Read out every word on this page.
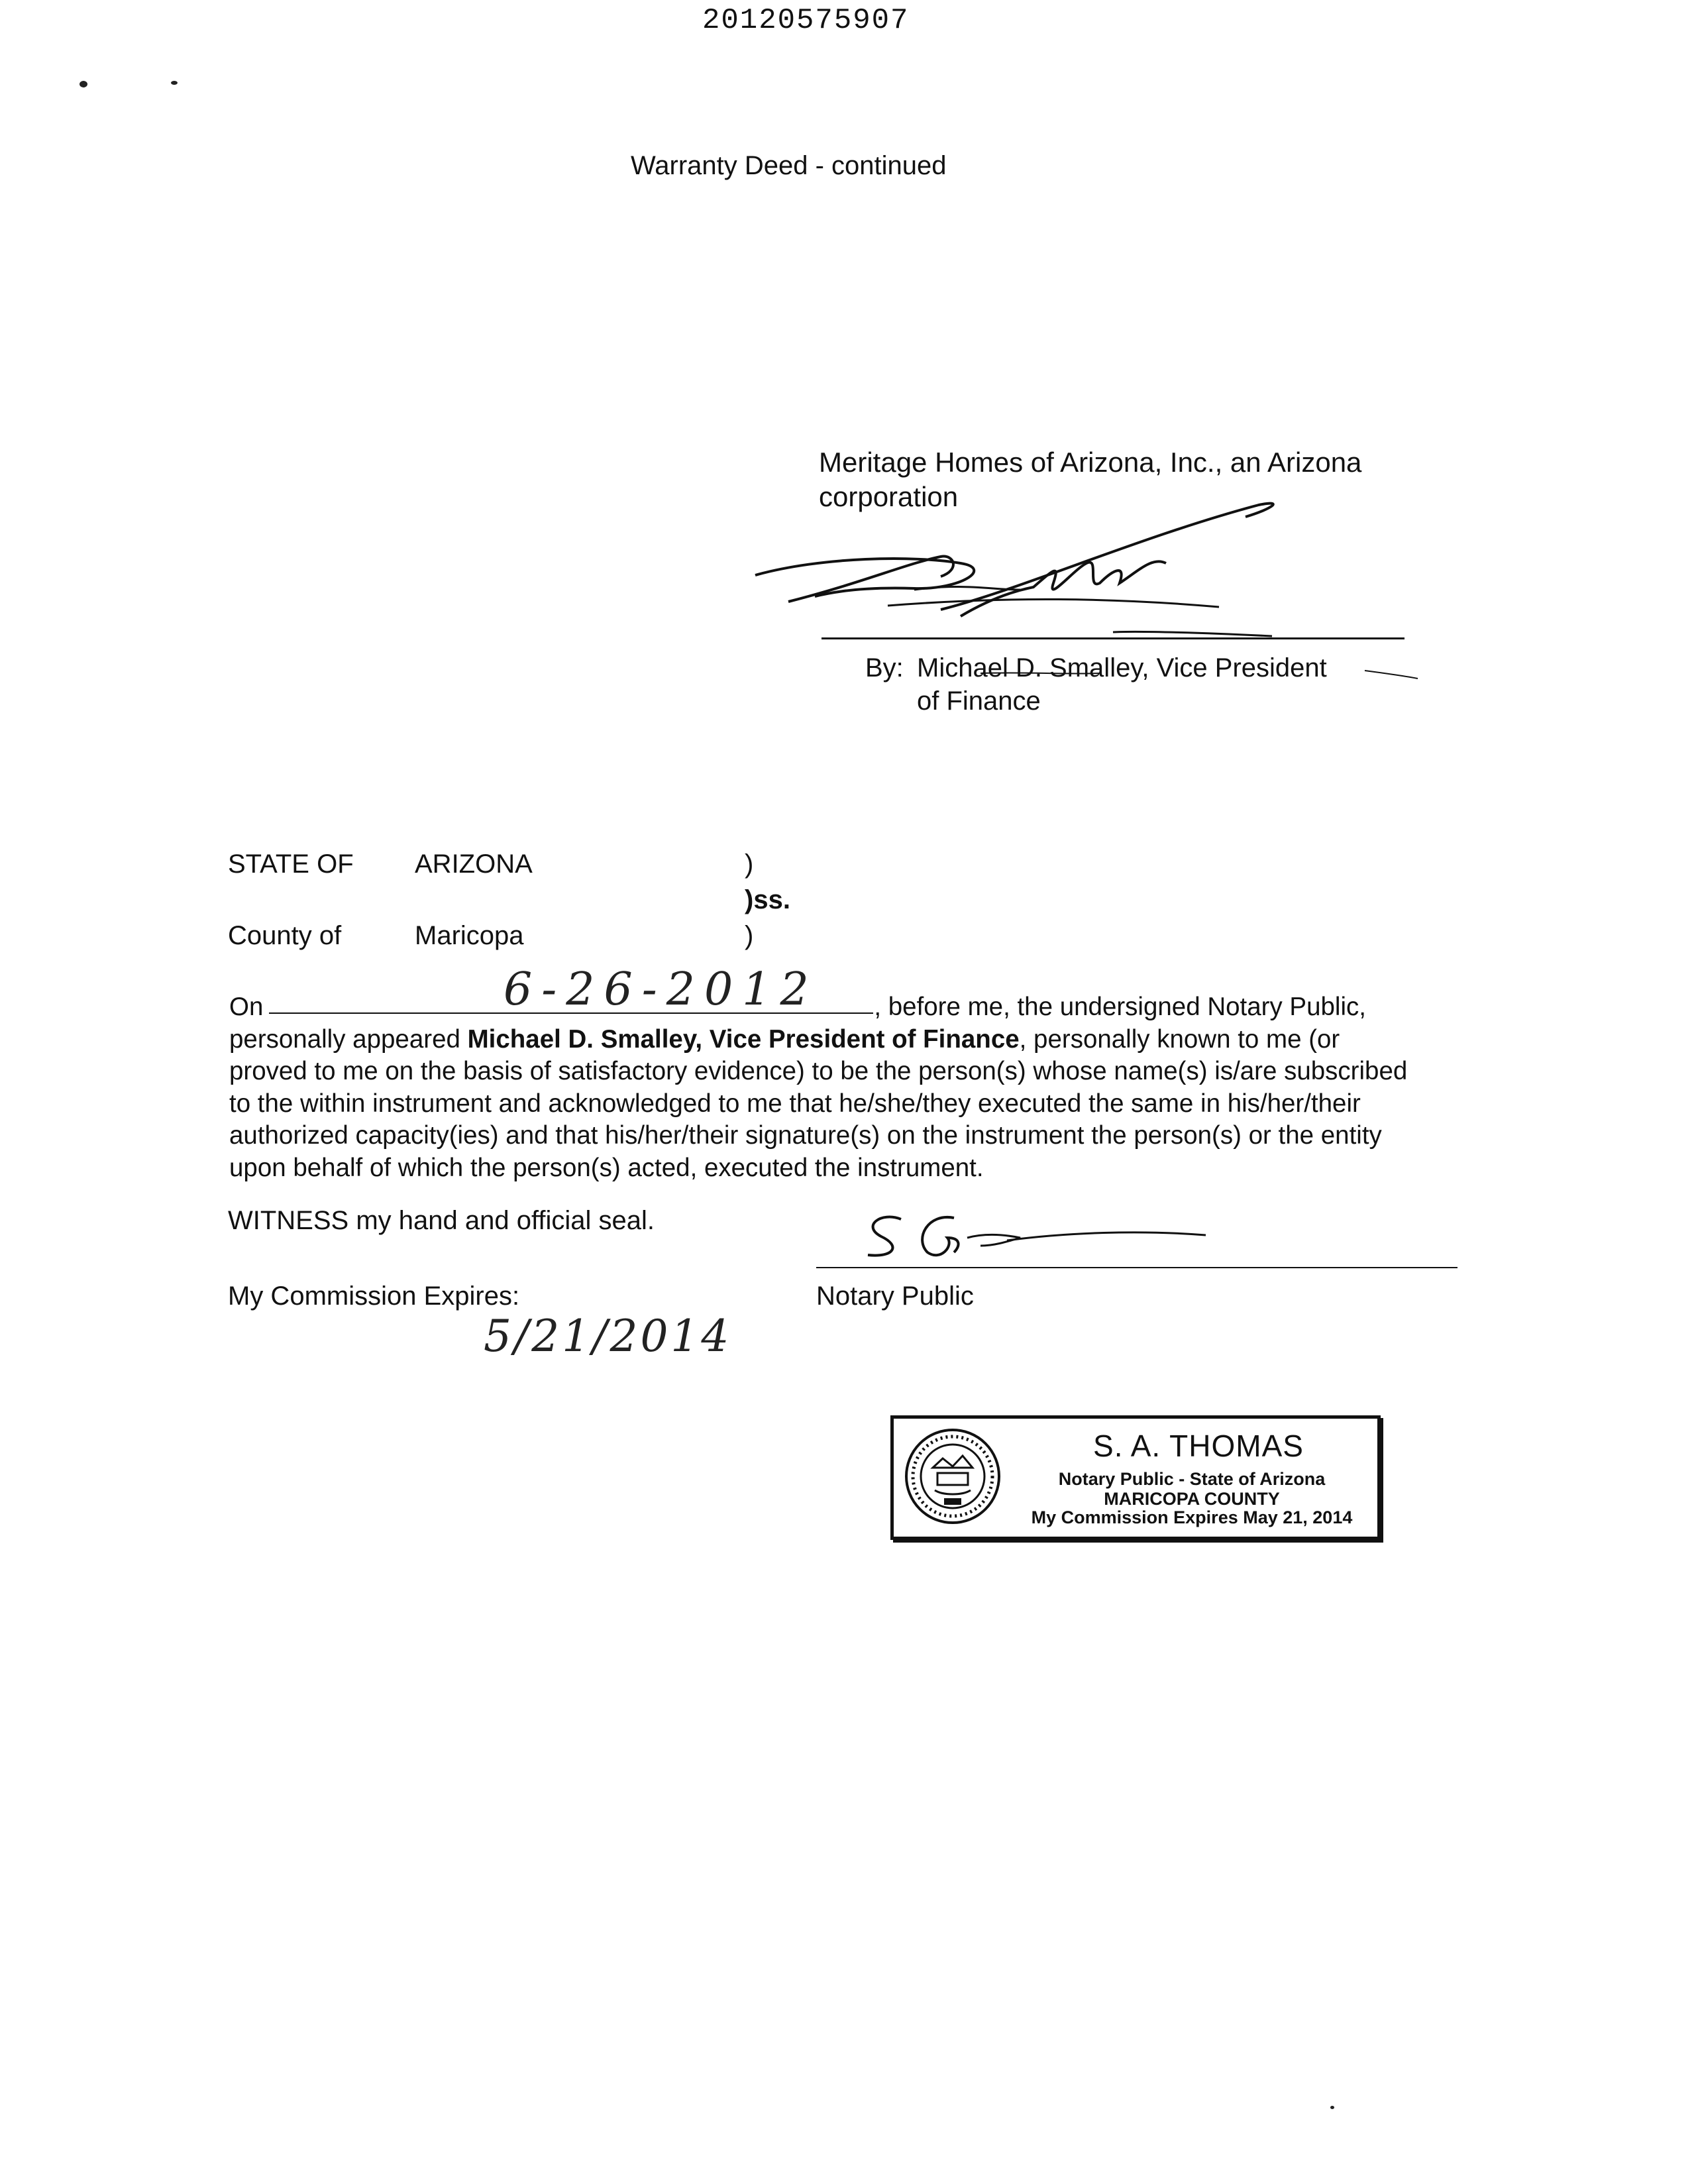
20120575907
Warranty Deed - continued
Meritage Homes of Arizona, Inc., an Arizona
corporation
By: Michael D. Smalley, Vice President
of Finance
STATE OF ARIZONA	)
)ss.
County of	Maricopa	)
6-26-2012
On	, before me, the undersigned Notary Public,
personally appeared Michael D. Smalley, Vice President of Finance, personally known to me (or
proved to me on the basis of satisfactory evidence) to be the person(s) whose name(s) is/are subscribed
to the within instrument and acknowledged to me that he/she/they executed the same in his/her/their
authorized capacity(ies) and that his/her/their signature(s) on the instrument the person(s) or the entity
upon behalf of which the person(s) acted, executed the instrument.
WITNESS my hand and official seal.
My Commission Expires:	Notary Public
5/21/2014
S. A. THOMAS
Notary Public - State of Arizona
MARICOPA COUNTY
My Commission Expires May 21, 2014
